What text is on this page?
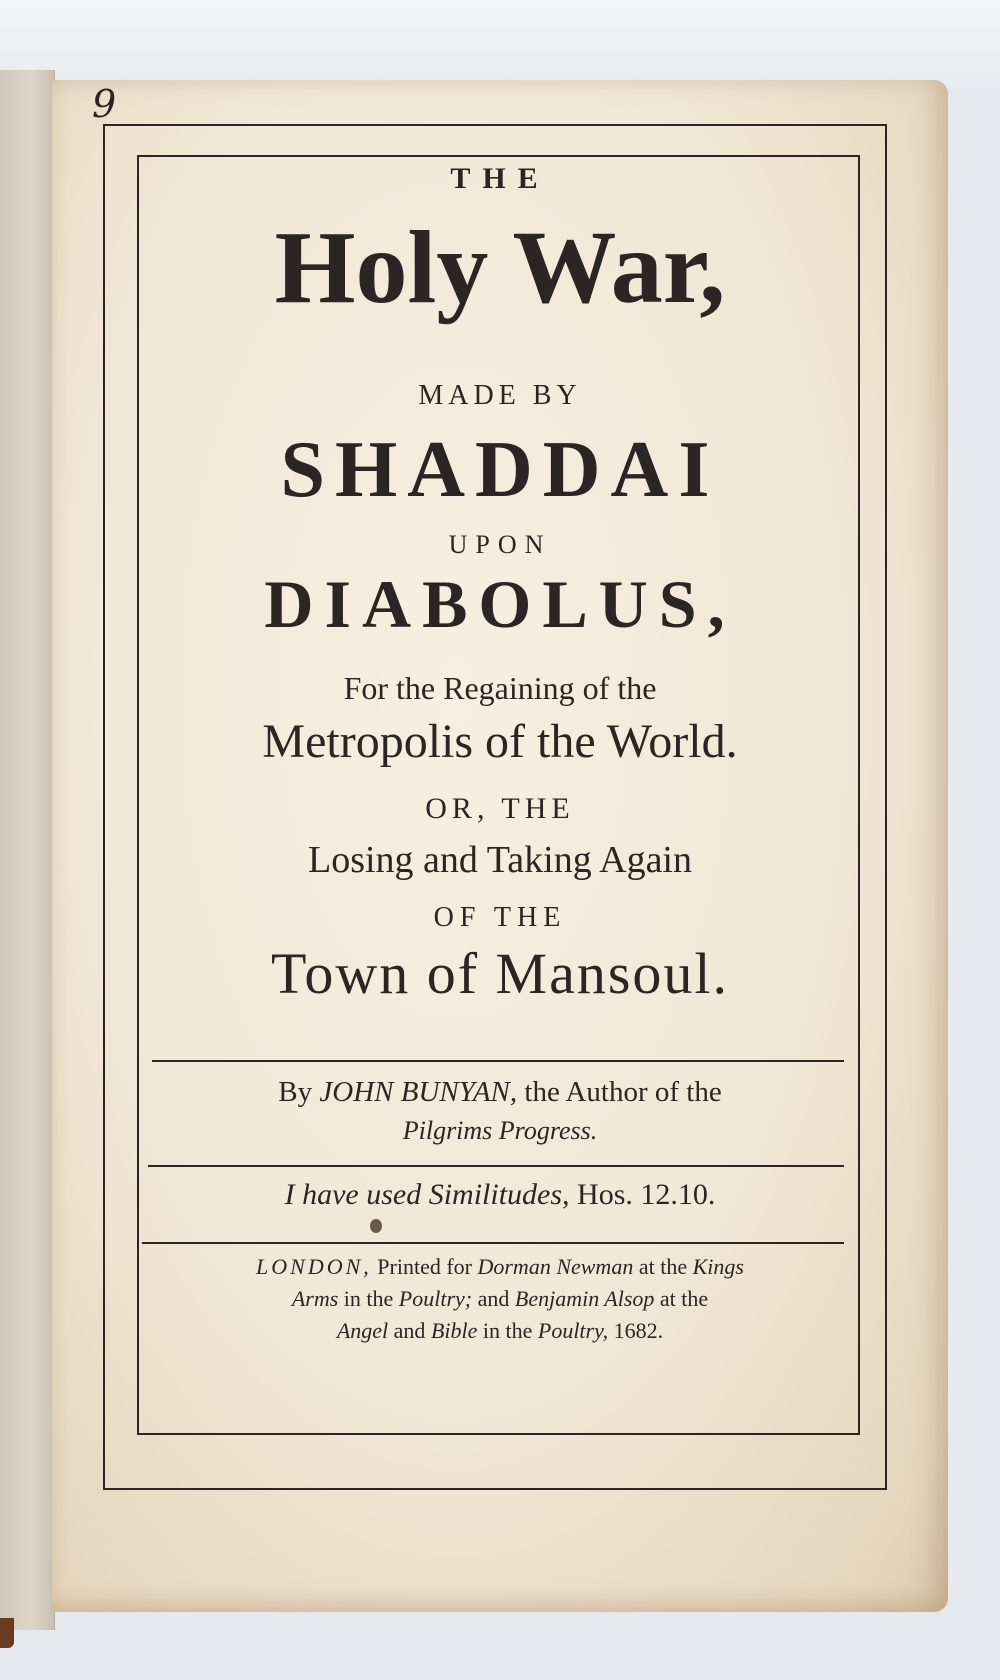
9
THE
Holy War,
MADE BY
SHADDAI
UPON
DIABOLUS,
For the Regaining of the
Metropolis of the World.
OR, THE
Losing and Taking Again
OF THE
Town of Mansoul.
By JOHN BUNYAN, the Author of the
Pilgrims Progress.
I have used Similitudes, Hos. 12.10.
LONDON, Printed for Dorman Newman at the Kings
Arms in the Poultry; and Benjamin Alsop at the
Angel and Bible in the Poultry, 1682.
